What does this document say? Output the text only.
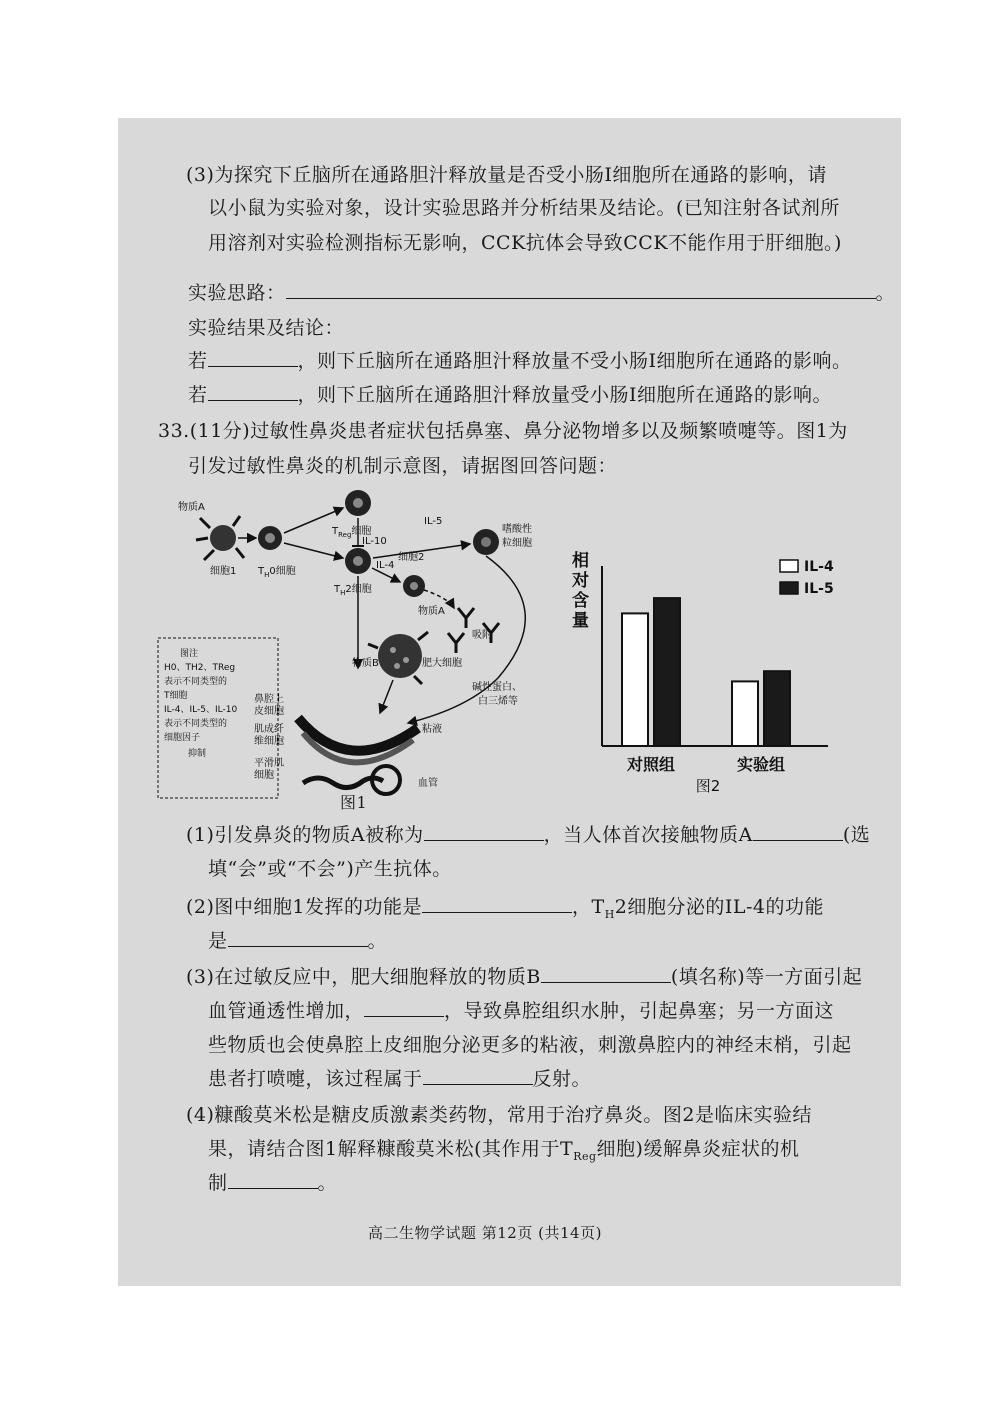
(3)为探究下丘脑所在通路胆汁释放量是否受小肠Ⅰ细胞所在通路的影响，请
以小鼠为实验对象，设计实验思路并分析结果及结论。(已知注射各试剂所
用溶剂对实验检测指标无影响，CCK抗体会导致CCK不能作用于肝细胞。)
实验思路：	。
实验结果及结论：
若	，则下丘脑所在通路胆汁释放量不受小肠Ⅰ细胞所在通路的影响。
若	，则下丘脑所在通路胆汁释放量受小肠Ⅰ细胞所在通路的影响。
33.(11分)过敏性鼻炎患者症状包括鼻塞、鼻分泌物增多以及频繁喷嚏等。图1为
引发过敏性鼻炎的机制示意图，请据图回答问题：
物质A
细胞1 $T_H0$细胞
$T_{Reg}$细胞
IL-10
IL-5
IL-4
$T_H2$细胞
细胞2
嗜酸性
粒细胞
物质A
吸附
物质B	肥大细胞
鼻腔上
皮细胞
肌成纤
维细胞
平滑肌
细胞
粘液
血管
碱性蛋白、
白三烯等
图注
H0、TH2、TReg
表示不同类型的
T细胞
IL-4、IL-5、IL-10
表示不同类型的
细胞因子
抑制
图1
相对含量
对照组	实验组
IL-4
IL-5
图2
(1)引发鼻炎的物质A被称为	，当人体首次接触物质A	(选
填“会”或“不会”)产生抗体。
(2)图中细胞1发挥的功能是	，$T_H2$细胞分泌的IL-4的功能
是	。
(3)在过敏反应中，肥大细胞释放的物质B	(填名称)等一方面引起
血管通透性增加，	，导致鼻腔组织水肿，引起鼻塞；另一方面这
些物质也会使鼻腔上皮细胞分泌更多的粘液，刺激鼻腔内的神经末梢，引起
患者打喷嚏，该过程属于	反射。
(4)糠酸莫米松是糖皮质激素类药物，常用于治疗鼻炎。图2是临床实验结
果，请结合图1解释糠酸莫米松(其作用于$T_{Reg}$细胞)缓解鼻炎症状的机
制	。
高二生物学试题 第12页 (共14页)
